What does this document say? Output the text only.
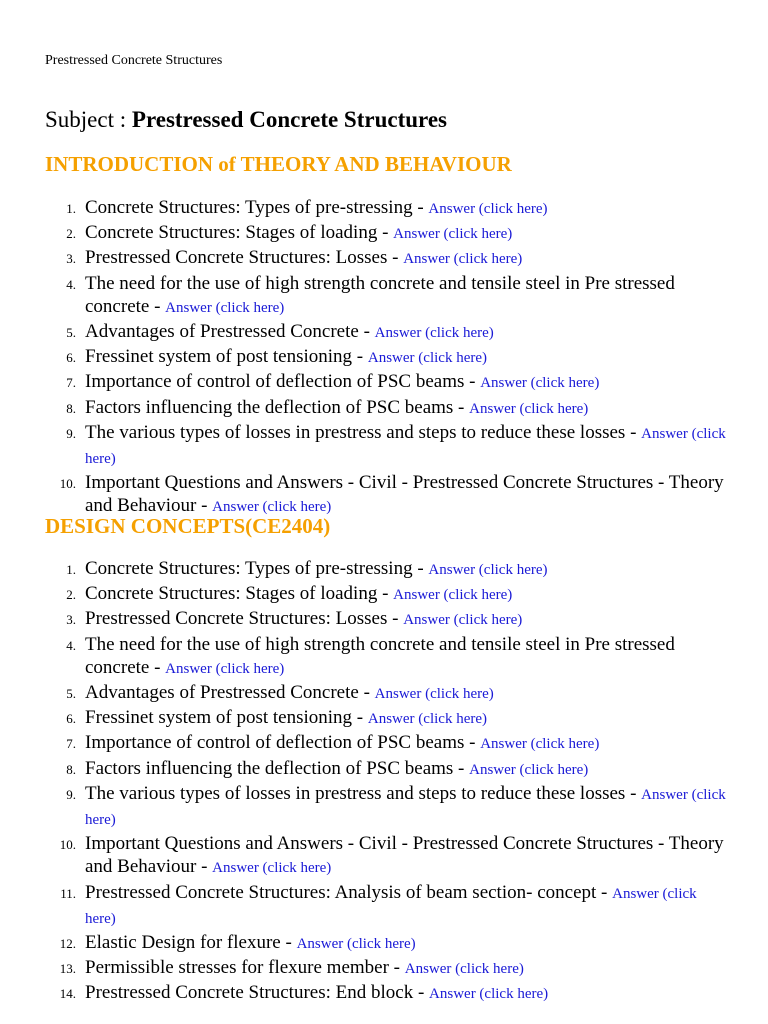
Prestressed Concrete Structures
Subject : Prestressed Concrete Structures
INTRODUCTION of THEORY AND BEHAVIOUR
1. Concrete Structures: Types of pre-stressing - Answer (click here)
2. Concrete Structures: Stages of loading - Answer (click here)
3. Prestressed Concrete Structures: Losses - Answer (click here)
4. The need for the use of high strength concrete and tensile steel in Pre stressed concrete - Answer (click here)
5. Advantages of Prestressed Concrete - Answer (click here)
6. Fressinet system of post tensioning - Answer (click here)
7. Importance of control of deflection of PSC beams - Answer (click here)
8. Factors influencing the deflection of PSC beams - Answer (click here)
9. The various types of losses in prestress and steps to reduce these losses - Answer (click here)
10. Important Questions and Answers - Civil - Prestressed Concrete Structures - Theory and Behaviour - Answer (click here)
DESIGN CONCEPTS(CE2404)
1. Concrete Structures: Types of pre-stressing - Answer (click here)
2. Concrete Structures: Stages of loading - Answer (click here)
3. Prestressed Concrete Structures: Losses - Answer (click here)
4. The need for the use of high strength concrete and tensile steel in Pre stressed concrete - Answer (click here)
5. Advantages of Prestressed Concrete - Answer (click here)
6. Fressinet system of post tensioning - Answer (click here)
7. Importance of control of deflection of PSC beams - Answer (click here)
8. Factors influencing the deflection of PSC beams - Answer (click here)
9. The various types of losses in prestress and steps to reduce these losses - Answer (click here)
10. Important Questions and Answers - Civil - Prestressed Concrete Structures - Theory and Behaviour - Answer (click here)
11. Prestressed Concrete Structures: Analysis of beam section- concept - Answer (click here)
12. Elastic Design for flexure - Answer (click here)
13. Permissible stresses for flexure member - Answer (click here)
14. Prestressed Concrete Structures: End block - Answer (click here)
